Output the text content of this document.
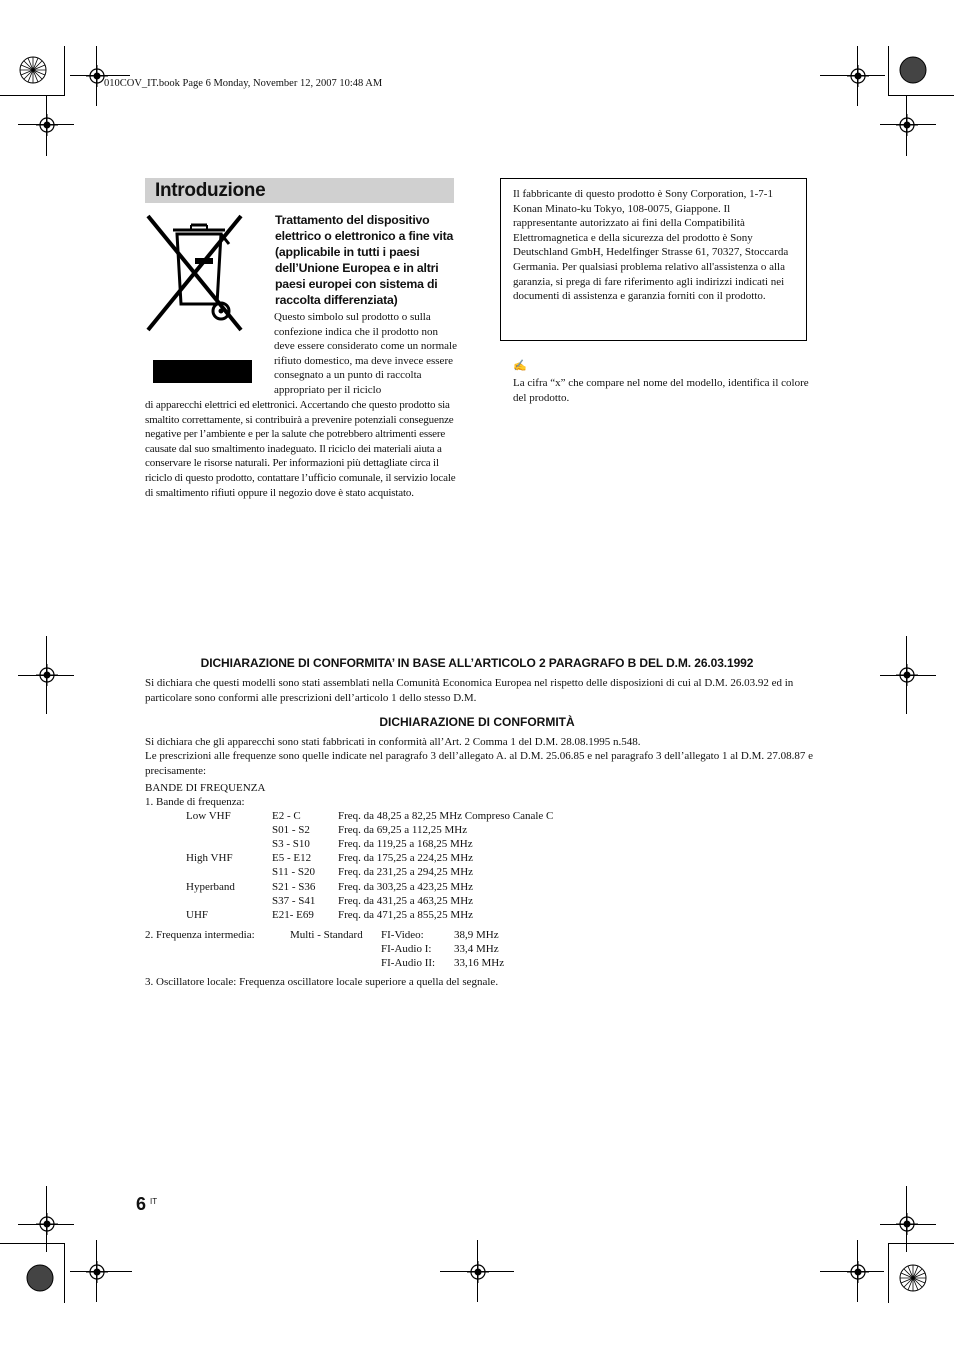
010COV_IT.book Page 6 Monday, November 12, 2007 10:48 AM
Introduzione
Trattamento del dispositivo elettrico o elettronico a fine vita (applicabile in tutti i paesi dell’Unione Europea e in altri paesi europei con sistema di raccolta differenziata)
Questo simbolo sul prodotto o sulla confezione indica che il prodotto non deve essere considerato come un normale rifiuto domestico, ma deve invece essere consegnato a un punto di raccolta appropriato per il riciclo
di apparecchi elettrici ed elettronici. Accertando che questo prodotto sia smaltito correttamente, si contribuirà a prevenire potenziali conseguenze negative per l’ambiente e per la salute che potrebbero altrimenti essere causate dal suo smaltimento inadeguato. Il riciclo dei materiali aiuta a conservare le risorse naturali. Per informazioni più dettagliate circa il riciclo di questo prodotto, contattare l’ufficio comunale, il servizio locale di smaltimento rifiuti oppure il negozio dove è stato acquistato.
Il fabbricante di questo prodotto è Sony Corporation, 1-7-1 Konan Minato-ku Tokyo, 108-0075, Giappone. Il rappresentante autorizzato ai fini della Compatibilità Elettromagnetica e della sicurezza del prodotto è Sony Deutschland GmbH, Hedelfinger Strasse 61, 70327, Stoccarda Germania. Per qualsiasi problema relativo all'assistenza o alla garanzia, si prega di fare riferimento agli indirizzi indicati nei documenti di assistenza e garanzia forniti con il prodotto.
✍
La cifra “x” che compare nel nome del modello, identifica il colore del prodotto.
DICHIARAZIONE DI CONFORMITA’ IN BASE ALL’ARTICOLO 2 PARAGRAFO B DEL D.M. 26.03.1992
Si dichiara che questi modelli sono stati assemblati nella Comunità Economica Europea nel rispetto delle disposizioni di cui al D.M. 26.03.92 ed in particolare sono conformi alle prescrizioni dell’articolo 1 dello stesso D.M.
DICHIARAZIONE DI CONFORMITÀ
Si dichiara che gli apparecchi sono stati fabbricati in conformità all’Art. 2 Comma 1 del D.M. 28.08.1995 n.548.
Le prescrizioni alle frequenze sono quelle indicate nel paragrafo 3 dell’allegato A. al D.M. 25.06.85 e nel paragrafo 3 dell’allegato 1 al D.M. 27.08.87 e precisamente:
BANDE DI FREQUENZA
1. Bande di frequenza:
Low VHF	E2 - C	Freq. da 48,25 a 82,25 MHz Compreso Canale C
S01 - S2	Freq. da 69,25 a 112,25 MHz
S3 - S10	Freq. da 119,25 a 168,25 MHz
High VHF	E5 - E12 Freq. da 175,25 a 224,25 MHz
S11 - S20 Freq. da 231,25 a 294,25 MHz
Hyperband	S21 - S36 Freq. da 303,25 a 423,25 MHz
S37 - S41 Freq. da 431,25 a 463,25 MHz
UHF	E21- E69 Freq. da 471,25 a 855,25 MHz
2. Frequenza intermedia:	Multi - Standard FI-Video:	38,9 MHz
FI-Audio I: 33,4 MHz
FI-Audio II: 33,16 MHz
3. Oscillatore locale: Frequenza oscillatore locale superiore a quella del segnale.
6 IT
